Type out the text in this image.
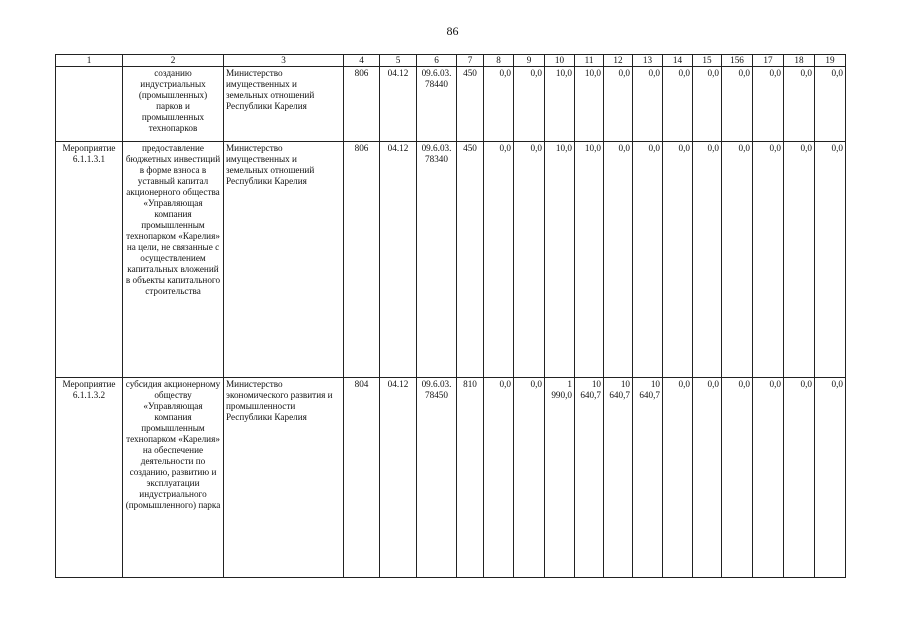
86
1	2	3	4	5	6	7	8	9	10	11	12	13	14	15	156	17	18	19
	созданию индустриальных (промышленных) парков и промышленных технопарков	Министерство имущественных и земельных отношений Республики Карелия	806	04.12	09.6.03. 78440	450	0,0	0,0	10,0	10,0	0,0	0,0	0,0	0,0	0,0	0,0	0,0	0,0
Мероприятие 6.1.1.3.1	предоставление бюджетных инвестиций в форме взноса в уставный капитал акционерного общества «Управляющая компания промышленным технопарком «Карелия» на цели, не связанные с осуществлением капитальных вложений в объекты капитального строительства	Министерство имущественных и земельных отношений Республики Карелия	806	04.12	09.6.03. 78340	450	0,0	0,0	10,0	10,0	0,0	0,0	0,0	0,0	0,0	0,0	0,0	0,0
Мероприятие 6.1.1.3.2	субсидия акционерному обществу «Управляющая компания промышленным технопарком «Карелия» на обеспечение деятельности по созданию, развитию и эксплуатации индустриального (промышленного) парка	Министерство экономического развития и промышленности Республики Карелия	804	04.12	09.6.03. 78450	810	0,0	0,0	1 990,0	10 640,7	10 640,7	10 640,7	0,0	0,0	0,0	0,0	0,0	0,0
